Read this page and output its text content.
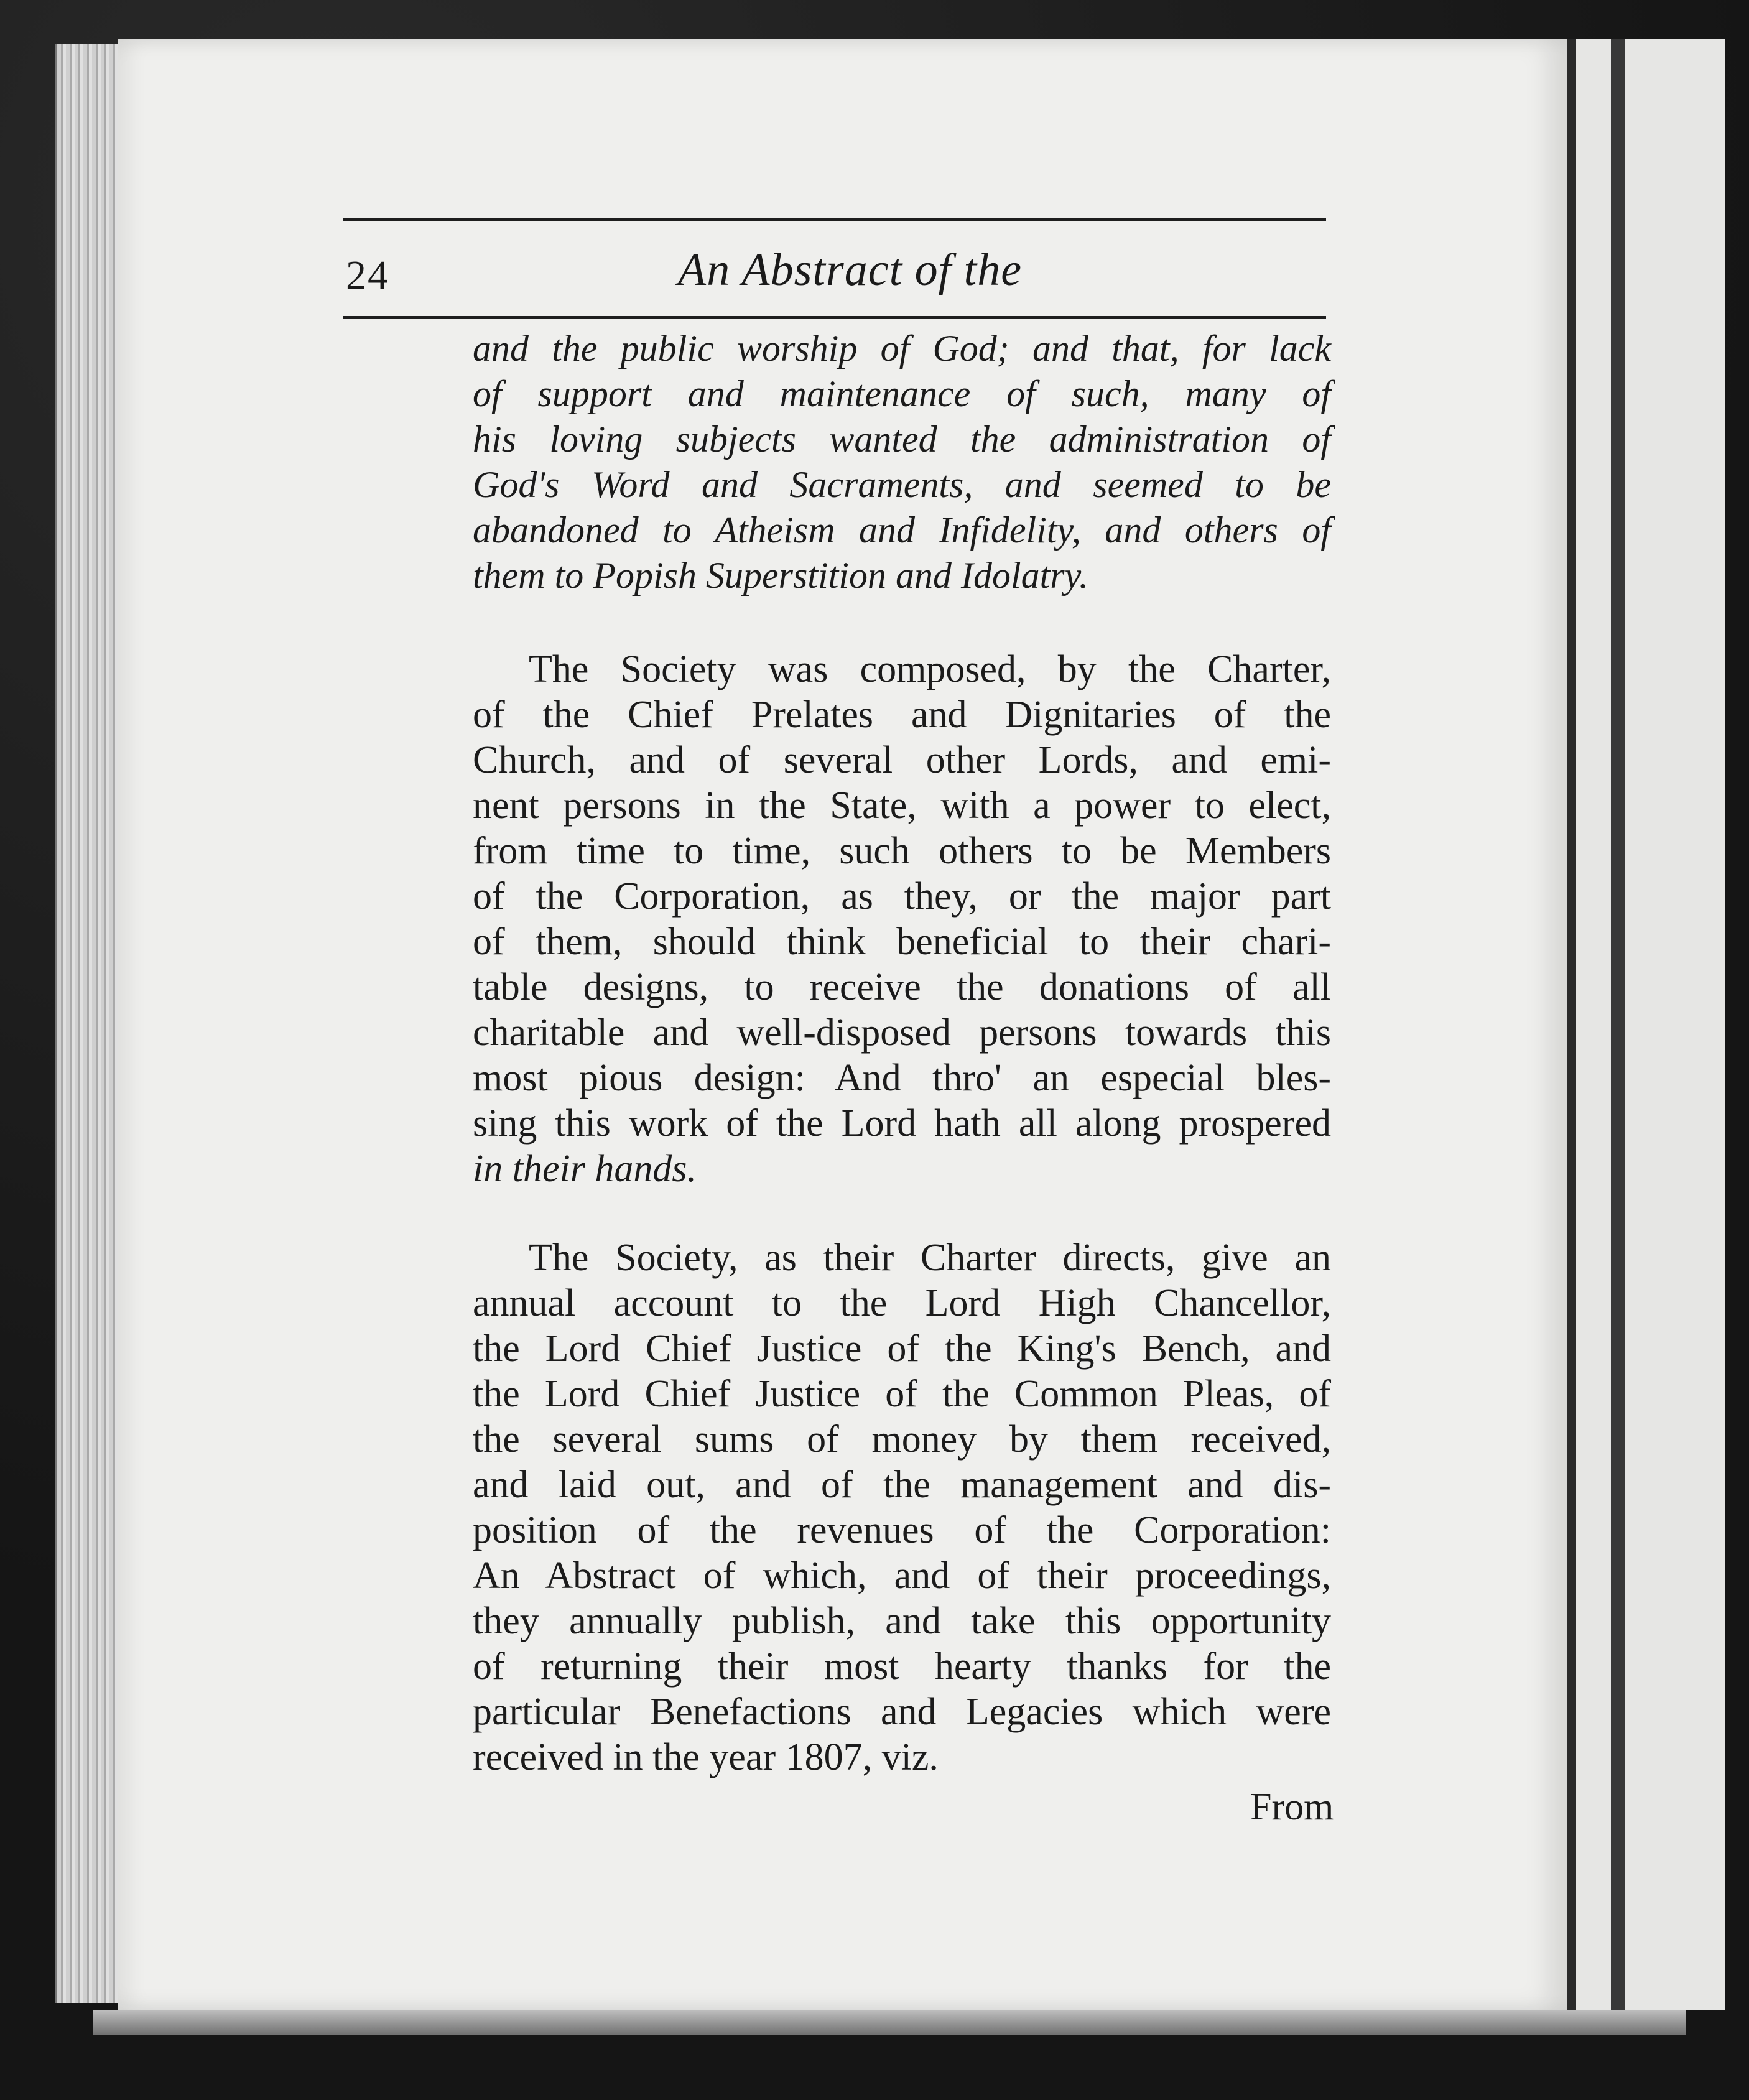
24	An Abstract of the
and the public worship of God; and that, for lack
of support and maintenance of such, many of
his loving subjects wanted the administration of
God's Word and Sacraments, and seemed to be
abandoned to Atheism and Infidelity, and others of
them to Popish Superstition and Idolatry.
The Society was composed, by the Charter,
of the Chief Prelates and Dignitaries of the
Church, and of several other Lords, and emi-
nent persons in the State, with a power to elect,
from time to time, such others to be Members
of the Corporation, as they, or the major part
of them, should think beneficial to their chari-
table designs, to receive the donations of all
charitable and well-disposed persons towards this
most pious design: And thro' an especial bles-
sing this work of the Lord hath all along prospered
in their hands.
The Society, as their Charter directs, give an
annual account to the Lord High Chancellor,
the Lord Chief Justice of the King's Bench, and
the Lord Chief Justice of the Common Pleas, of
the several sums of money by them received,
and laid out, and of the management and dis-
position of the revenues of the Corporation:
An Abstract of which, and of their proceedings,
they annually publish, and take this opportunity
of returning their most hearty thanks for the
particular Benefactions and Legacies which were
received in the year 1807, viz.
From
